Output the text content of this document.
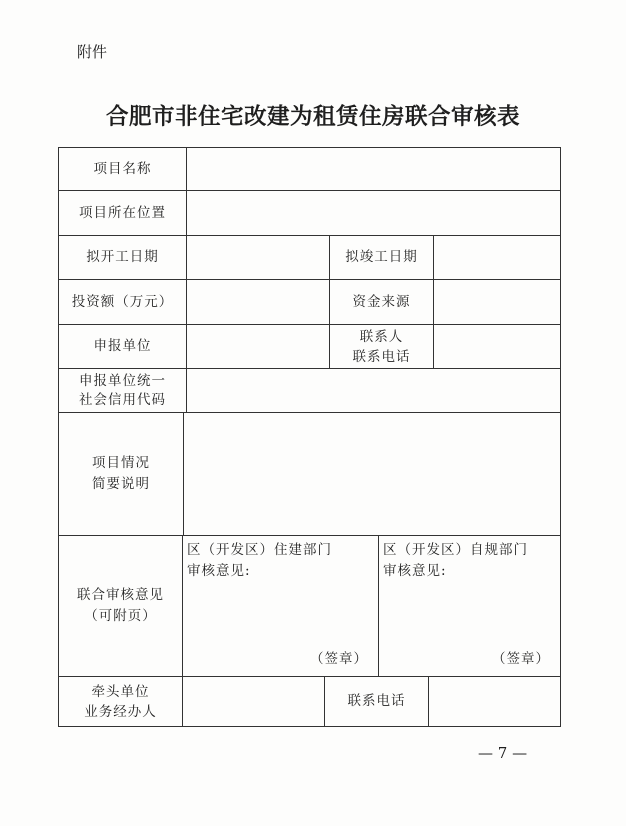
附件
合肥市非住宅改建为租赁住房联合审核表
项目名称
项目所在位置
拟开工日期	拟竣工日期
投资额（万元）	资金来源
申报单位
联系人
联系电话
申报单位统一
社会信用代码
项目情况
简要说明
联合审核意见
（可附页）
区（开发区）住建部门
审核意见:
（签章）
区（开发区）自规部门
审核意见:
（签章）
牵头单位
业务经办人
联系电话
— 7 —
